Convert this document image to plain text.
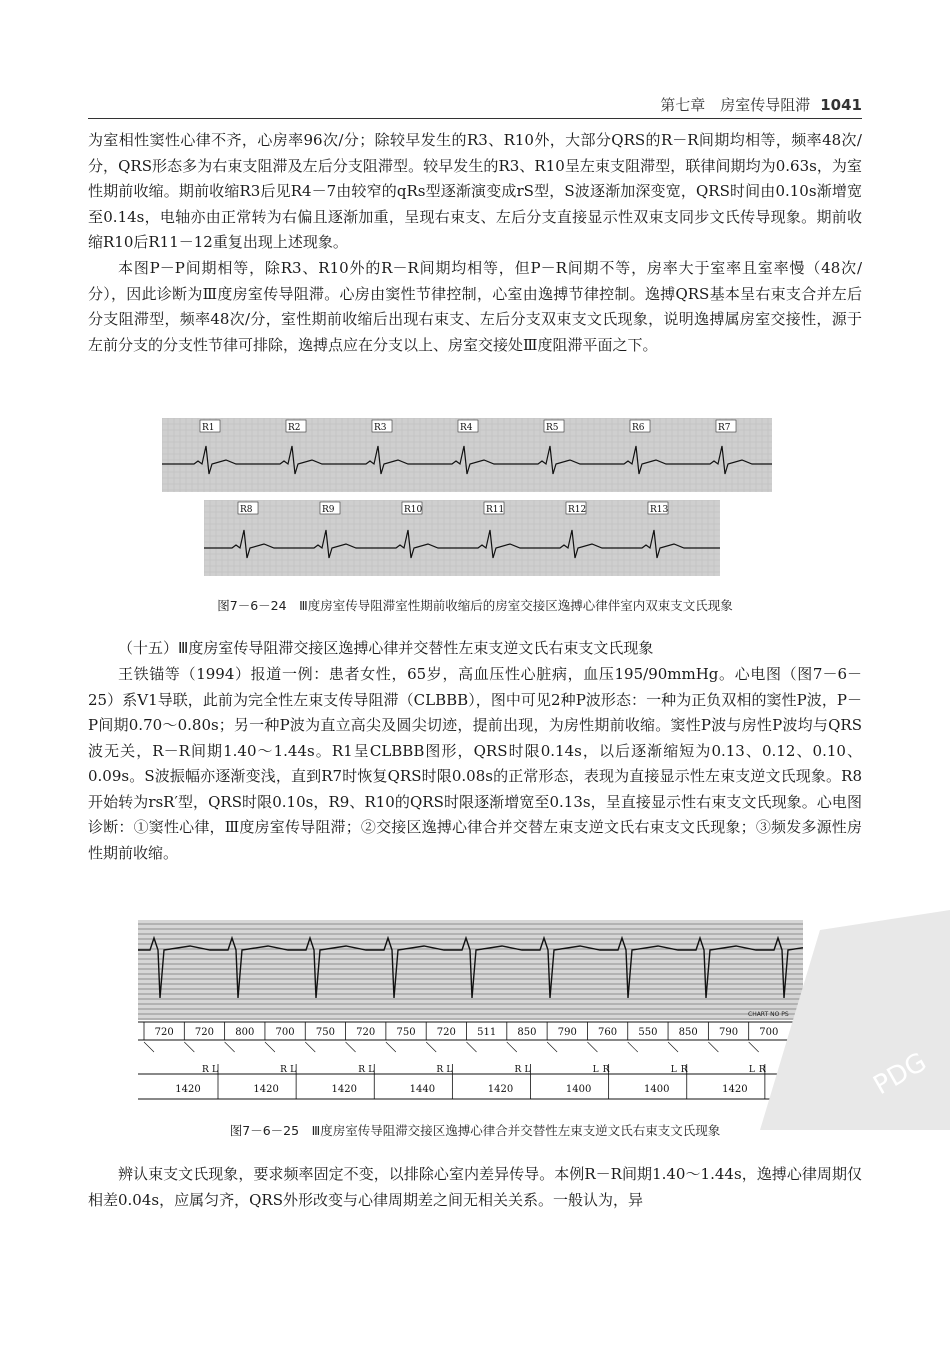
第七章　房室传导阻滞 1041

为室相性窦性心律不齐，心房率96次/分；除较早发生的R3、R10外，大部分QRS的R－R间期均相等，频率48次/分，QRS形态多为右束支阻滞及左后分支阻滞型。较早发生的R3、R10呈左束支阻滞型，联律间期均为0.63s，为室性期前收缩。期前收缩R3后见R4－7由较窄的qRs型逐渐演变成rS型，S波逐渐加深变宽，QRS时间由0.10s渐增宽至0.14s，电轴亦由正常转为右偏且逐渐加重，呈现右束支、左后分支直接显示性双束支同步文氏传导现象。期前收缩R10后R11－12重复出现上述现象。

本图P－P间期相等，除R3、R10外的R－R间期均相等，但P－R间期不等，房率大于室率且室率慢（48次/分），因此诊断为Ⅲ度房室传导阻滞。心房由窦性节律控制，心室由逸搏节律控制。逸搏QRS基本呈右束支合并左后分支阻滞型，频率48次/分，室性期前收缩后出现右束支、左后分支双束支文氏现象，说明逸搏属房室交接性，源于左前分支的分支性节律可排除，逸搏点应在分支以上、房室交接处Ⅲ度阻滞平面之下。

R1	R2	R3	R4	R5	R6	R7
R8	R9	R10	R11	R12	R13
图7－6－24　Ⅲ度房室传导阻滞室性期前收缩后的房室交接区逸搏心律伴室内双束支文氏现象
（十五）Ⅲ度房室传导阻滞交接区逸搏心律并交替性左束支逆文氏右束支文氏现象

王铁锚等（1994）报道一例：患者女性，65岁，高血压性心脏病，血压195/90mmHg。心电图（图7－6－25）系V1导联，此前为完全性左束支传导阻滞（CLBBB），图中可见2种P波形态：一种为正负双相的窦性P波，P－P间期0.70～0.80s；另一种P波为直立高尖及圆尖切迹，提前出现，为房性期前收缩。窦性P波与房性P波均与QRS波无关，R－R间期1.40～1.44s。R1呈CLBBB图形，QRS时限0.14s，以后逐渐缩短为0.13、0.12、0.10、0.09s。S波振幅亦逐渐变浅，直到R7时恢复QRS时限0.08s的正常形态，表现为直接显示性左束支逆文氏现象。R8开始转为rsR′型，QRS时限0.10s，R9、R10的QRS时限逐渐增宽至0.13s，呈直接显示性右束支文氏现象。心电图诊断：①窦性心律，Ⅲ度房室传导阻滞；②交接区逸搏心律合并交替左束支逆文氏右束支文氏现象；③频发多源性房性期前收缩。

CHART NO PS
720 720 800 700 750 720 750 720 511 850 790 760 550 850 790 700
1420	1420	1420	1440	1420	1400	1400	1420
R L	R L	R L	R L	R L	L R	L R	L R
图7－6－25　Ⅲ度房室传导阻滞交接区逸搏心律合并交替性左束支逆文氏右束支文氏现象

辨认束支文氏现象，要求频率固定不变，以排除心室内差异传导。本例R－R间期1.40～1.44s，逸搏心律周期仅相差0.04s，应属匀齐，QRS外形改变与心律周期差之间无相关关系。一般认为，异

PDG
